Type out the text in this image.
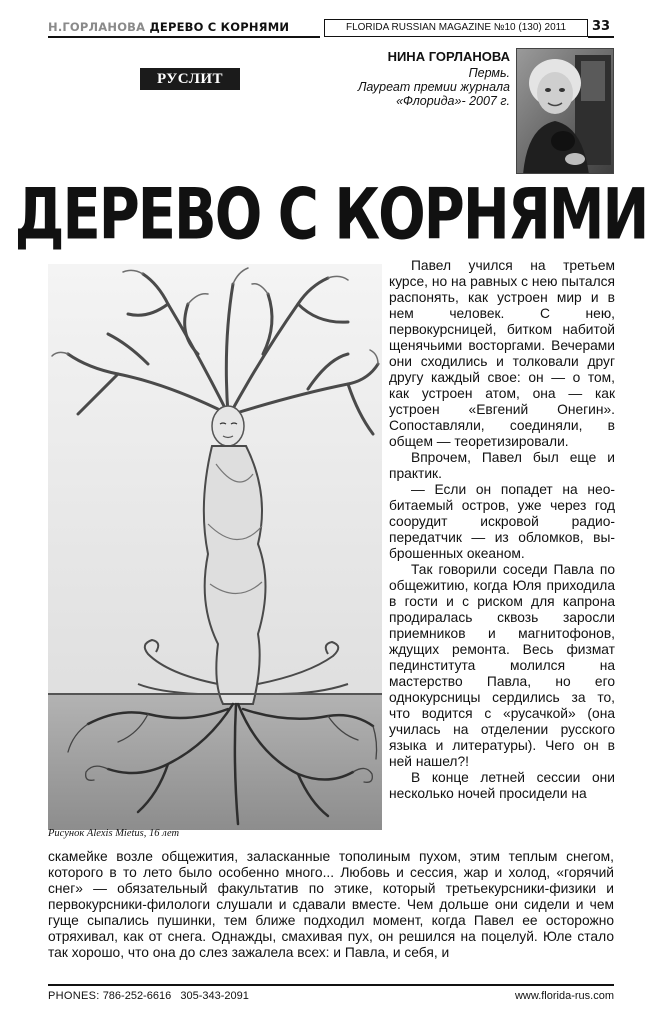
Н.ГОРЛАНОВА ДЕРЕВО С КОРНЯМИ	FLORIDA RUSSIAN MAGAZINE №10 (130) 2011	33
РУСЛИТ
НИНА ГОРЛАНОВА
Пермь.
Лауреат премии журнала
«Флорида»- 2007 г.
ДЕРЕВО С КОРНЯМИ
Рисунок Alexis Mietus, 16 лет

Павел учился на третьем курсе, но на равных с нею пытался распонять, как устроен мир и в нем человек. С нею, первокурсницей, битком набитой щенячьими восторгами. Вечерами они сходились и толковали друг другу каждый свое: он — о том, как устроен атом, она — как устроен «Евгений Онегин». Сопоставляли, соединяли, в общем — теоретизировали.

Впрочем, Павел был еще и практик.

— Если он попадет на необитаемый остров, уже через год соорудит искровой радиопередатчик — из обломков, выброшенных океаном.

Так говорили соседи Павла по общежитию, когда Юля приходила в гости и с риском для капрона продиралась сквозь заросли приемников и магнитофонов, ждущих ремонта. Весь физмат пединститута молился на мастерство Павла, но его однокурсницы сердились за то, что водится с «русачкой» (она училась на отделении русского языка и литературы). Чего он в ней нашел?!

В конце летней сессии они несколько ночей просидели на

скамейке возле общежития, заласканные тополиным пухом, этим теплым снегом, которого в то лето было особенно много... Любовь и сессия, жар и холод, «горячий снег» — обязательный факультатив по этике, который третьекурсники-физики и первокурсники-филологи слушали и сдавали вместе. Чем дольше они сидели и чем гуще сыпались пушинки, тем ближе подходил момент, когда Павел ее осторожно отряхивал, как от снега. Однажды, смахивая пух, он решился на поцелуй. Юле стало так хорошо, что она до слез зажалела всех: и Павла, и себя, и

PHONES: 786-252-6616 305-343-2091	www.florida-rus.com
